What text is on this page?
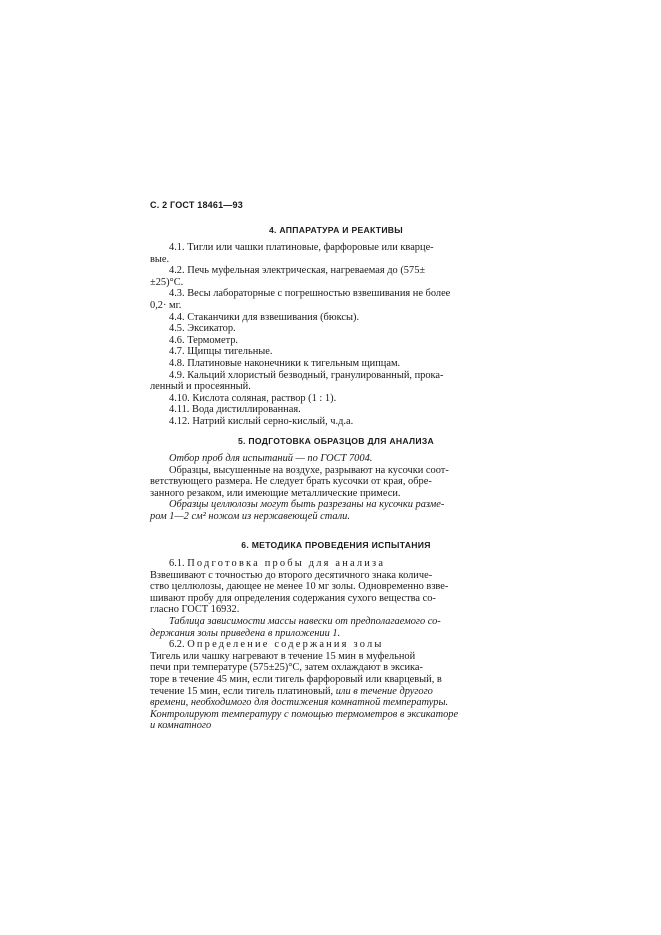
С. 2 ГОСТ 18461—93
4. АППАРАТУРА И РЕАКТИВЫ

4.1. Тигли или чашки платиновые, фарфоровые или кварце-

вые.

4.2. Печь муфельная электрическая, нагреваемая до (575±

±25)°С.

4.3. Весы лабораторные с погрешностью взвешивания не более

0,2· мг.

4.4. Стаканчики для взвешивания (бюксы).

4.5. Эксикатор.

4.6. Термометр.

4.7. Щипцы тигельные.

4.8. Платиновые наконечники к тигельным щипцам.

4.9. Кальций хлористый безводный, гранулированный, прока-

ленный и просеянный.

4.10. Кислота соляная, раствор (1 : 1).

4.11. Вода дистиллированная.

4.12. Натрий кислый серно-кислый, ч.д.а.

5. ПОДГОТОВКА ОБРАЗЦОВ ДЛЯ АНАЛИЗА

Отбор проб для испытаний — по ГОСТ 7004.

Образцы, высушенные на воздухе, разрывают на кусочки соот-

ветствующего размера. Не следует брать кусочки от края, обре-

занного резаком, или имеющие металлические примеси.

Образцы целлюлозы могут быть разрезаны на кусочки разме-

ром 1—2 см² ножом из нержавеющей стали.

6. МЕТОДИКА ПРОВЕДЕНИЯ ИСПЫТАНИЯ

6.1. Подготовка пробы для анализа

Взвешивают с точностью до второго десятичного знака количе-

ство целлюлозы, дающее не менее 10 мг золы. Одновременно взве-

шивают пробу для определения содержания сухого вещества со-

гласно ГОСТ 16932.

Таблица зависимости массы навески от предполагаемого со-

держания золы приведена в приложении 1.

6.2. Определение содержания золы

Тигель или чашку нагревают в течение 15 мин в муфельной

печи при температуре (575±25)°С, затем охлаждают в эксика-

торе в течение 45 мин, если тигель фарфоровый или кварцевый, в

течение 15 мин, если тигель платиновый, или в течение другого

времени, необходимого для достижения комнатной температуры.

Контролируют температуру с помощью термометров в эксикаторе

и комнатного
